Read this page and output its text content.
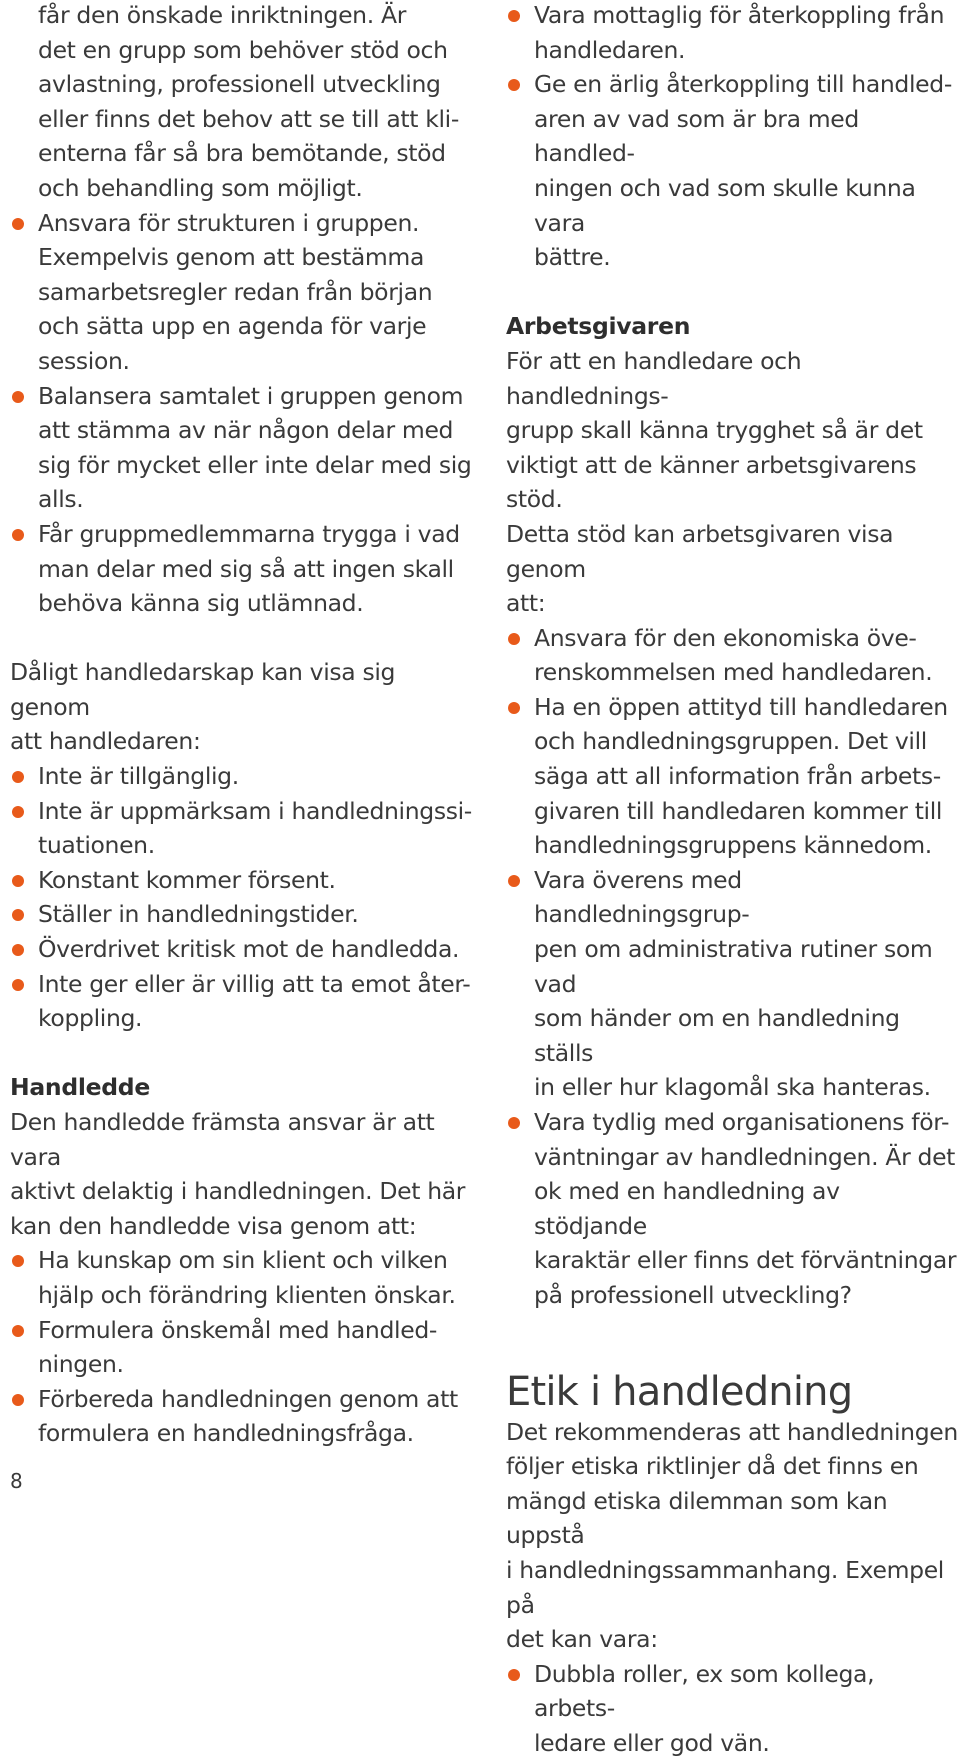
får den önskade inriktningen. Är
det en grupp som behöver stöd och
avlastning, professionell utveckling
eller finns det behov att se till att kli-
enterna får så bra bemötande, stöd
och behandling som möjligt.
Ansvara för strukturen i gruppen.
Exempelvis genom att bestämma
samarbetsregler redan från början
och sätta upp en agenda för varje
session.
Balansera samtalet i gruppen genom
att stämma av när någon delar med
sig för mycket eller inte delar med sig
alls.
Får gruppmedlemmarna trygga i vad
man delar med sig så att ingen skall
behöva känna sig utlämnad.
Dåligt handledarskap kan visa sig genom
att handledaren:
Inte är tillgänglig.
Inte är uppmärksam i handledningssi-
tuationen.
Konstant kommer försent.
Ställer in handledningstider.
Överdrivet kritisk mot de handledda.
Inte ger eller är villig att ta emot åter-
koppling.
Handledde
Den handledde främsta ansvar är att vara
aktivt delaktig i handledningen. Det här
kan den handledde visa genom att:
Ha kunskap om sin klient och vilken
hjälp och förändring klienten önskar.
Formulera önskemål med handled-
ningen.
Förbereda handledningen genom att
formulera en handledningsfråga.
Vara mottaglig för återkoppling från
handledaren.
Ge en ärlig återkoppling till handled-
aren av vad som är bra med handled-
ningen och vad som skulle kunna vara
bättre.
Arbetsgivaren
För att en handledare och handlednings-
grupp skall känna trygghet så är det
viktigt att de känner arbetsgivarens stöd.
Detta stöd kan arbetsgivaren visa genom
att:
Ansvara för den ekonomiska öve-
renskommelsen med handledaren.
Ha en öppen attityd till handledaren
och handledningsgruppen. Det vill
säga att all information från arbets-
givaren till handledaren kommer till
handledningsgruppens kännedom.
Vara överens med handledningsgrup-
pen om administrativa rutiner som vad
som händer om en handledning ställs
in eller hur klagomål ska hanteras.
Vara tydlig med organisationens för-
väntningar av handledningen. Är det
ok med en handledning av stödjande
karaktär eller finns det förväntningar
på professionell utveckling?
Etik i handledning
Det rekommenderas att handledningen
följer etiska riktlinjer då det finns en
mängd etiska dilemman som kan uppstå
i handledningssammanhang. Exempel på
det kan vara:
Dubbla roller, ex som kollega, arbets-
ledare eller god vän.
8
